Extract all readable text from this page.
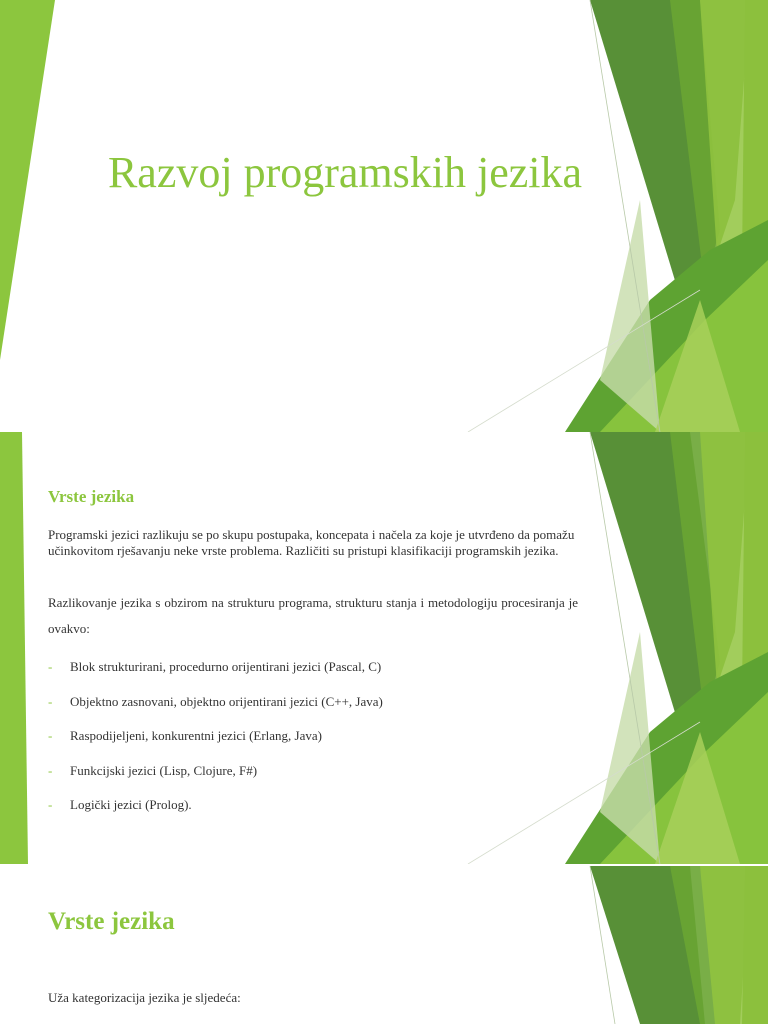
Razvoj programskih jezika
Vrste jezika

Programski jezici razlikuju se po skupu postupaka, koncepata i načela za koje je utvrđeno da pomažu učinkovitom rješavanju neke vrste problema. Različiti su pristupi klasifikaciji programskih jezika.

Razlikovanje jezika s obzirom na strukturu programa, strukturu stanja i metodologiju procesiranja je ovakvo:

- Blok strukturirani, procedurno orijentirani jezici (Pascal, C)
- Objektno zasnovani, objektno orijentirani jezici (C++, Java)
- Raspodijeljeni, konkurentni jezici (Erlang, Java)
- Funkcijski jezici (Lisp, Clojure, F#)
- Logički jezici (Prolog).
Vrste jezika

Uža kategorizacija jezika je sljedeća:
